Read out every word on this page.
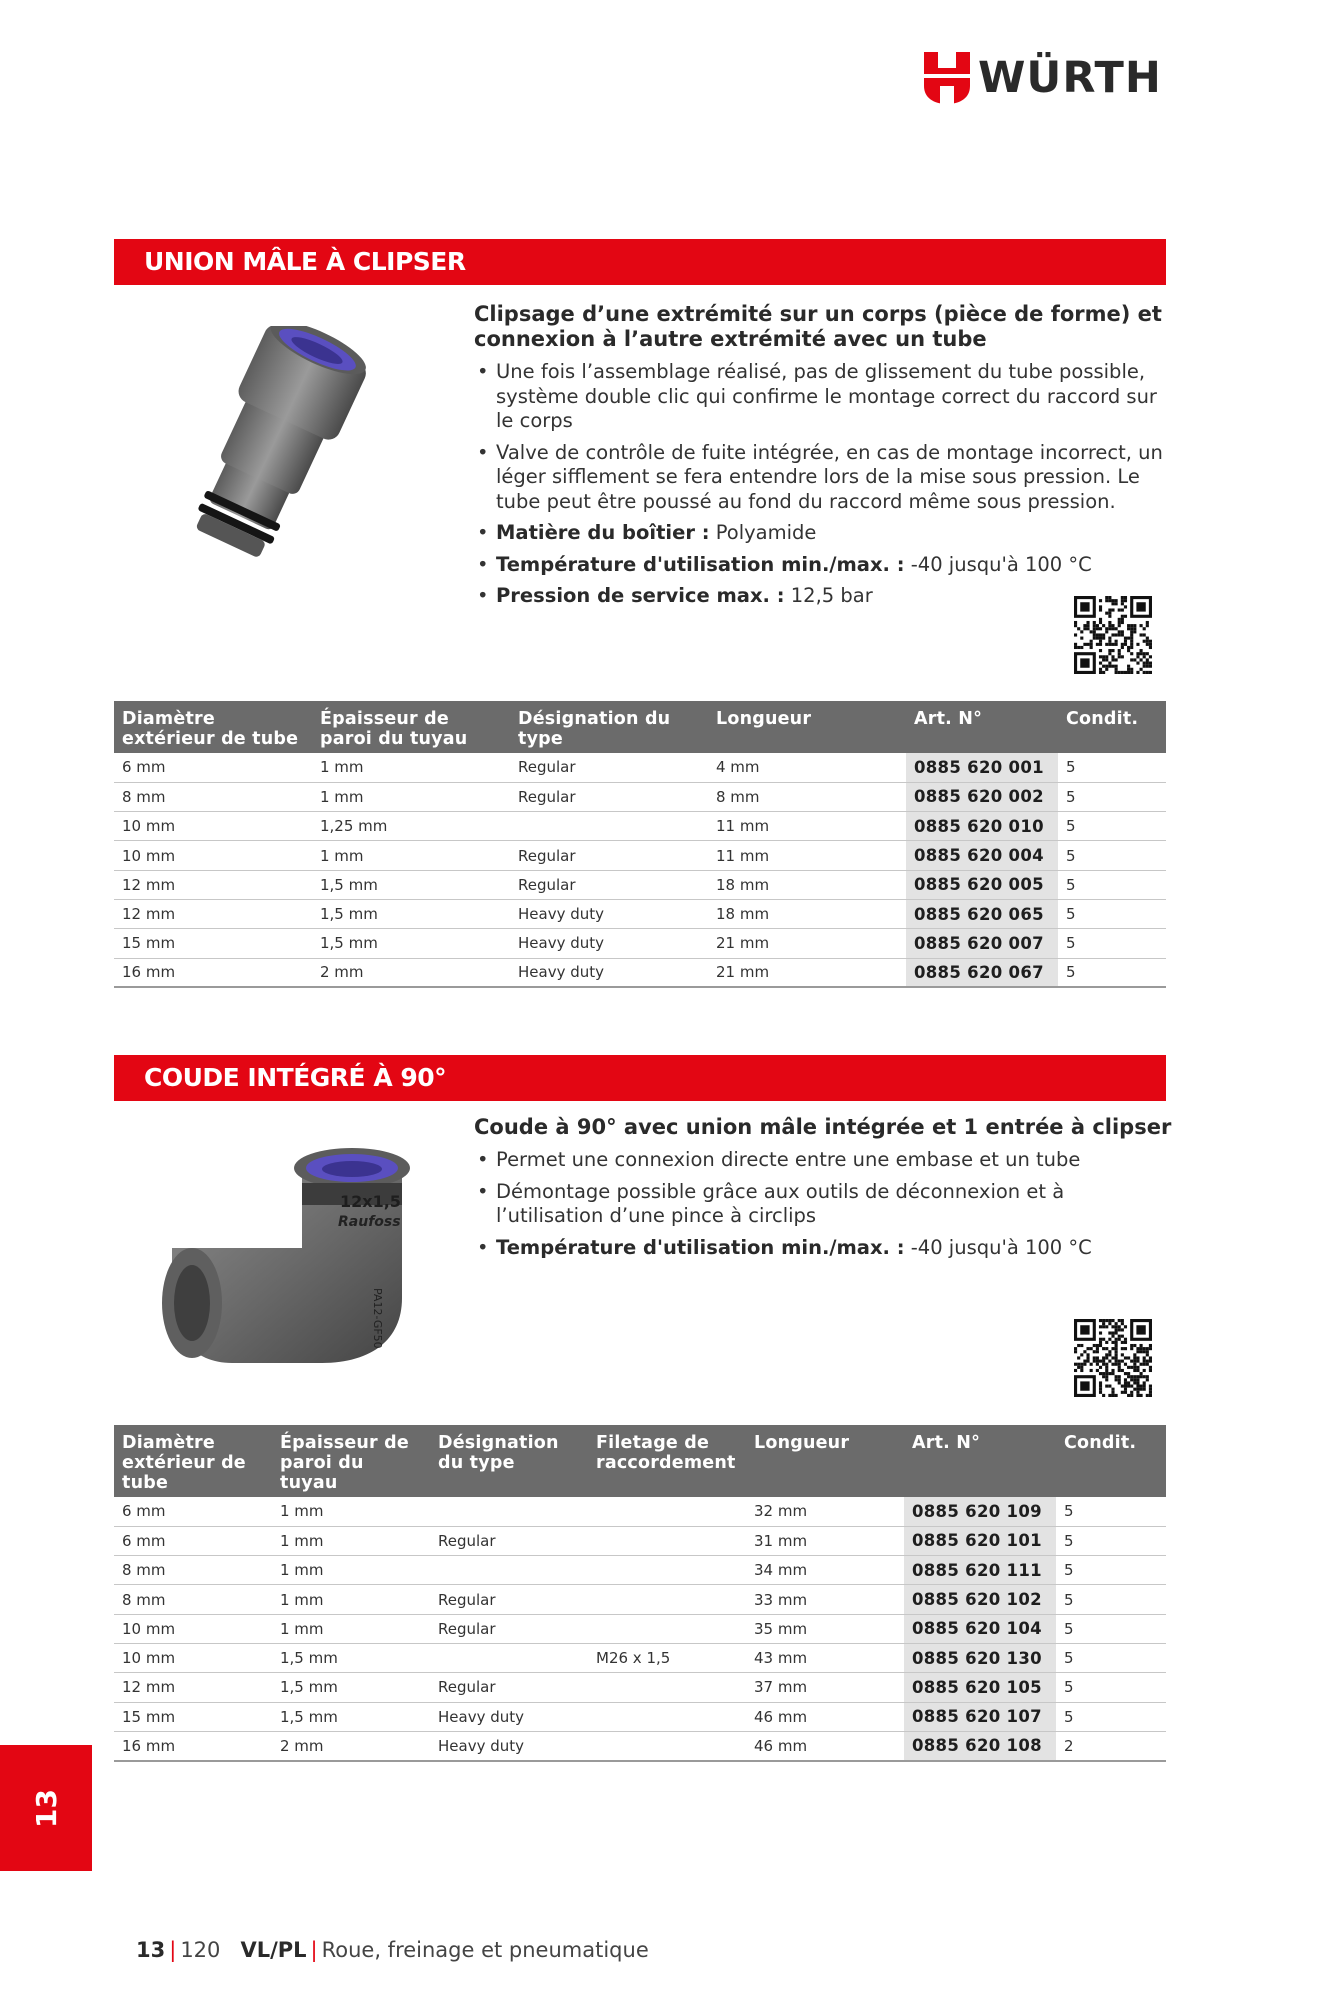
WÜRTH
UNION MÂLE À CLIPSER
Clipsage d’une extrémité sur un corps (pièce de forme) et connexion à l’autre extrémité avec un tube
• Une fois l’assemblage réalisé, pas de glissement du tube possible, système double clic qui confirme le montage correct du raccord sur le corps
• Valve de contrôle de fuite intégrée, en cas de montage incorrect, un léger sifflement se fera entendre lors de la mise sous pression. Le tube peut être poussé au fond du raccord même sous pression.
• Matière du boîtier : Polyamide
• Température d'utilisation min./max. : -40 jusqu'à 100 °C
• Pression de service max. : 12,5 bar
Diamètre extérieur de tube	Épaisseur de paroi du tuyau	Désignation du type	Longueur	Art. N°	Condit.
6 mm	1 mm	Regular	4 mm	0885 620 001	5
8 mm	1 mm	Regular	8 mm	0885 620 002	5
10 mm	1,25 mm		11 mm	0885 620 010	5
10 mm	1 mm	Regular	11 mm	0885 620 004	5
12 mm	1,5 mm	Regular	18 mm	0885 620 005	5
12 mm	1,5 mm	Heavy duty	18 mm	0885 620 065	5
15 mm	1,5 mm	Heavy duty	21 mm	0885 620 007	5
16 mm	2 mm	Heavy duty	21 mm	0885 620 067	5
COUDE INTÉGRÉ À 90°
12x1,5
Raufoss
PA12-GF50
Coude à 90° avec union mâle intégrée et 1 entrée à clipser
• Permet une connexion directe entre une embase et un tube
• Démontage possible grâce aux outils de déconnexion et à l’utilisation d’une pince à circlips
• Température d'utilisation min./max. : -40 jusqu'à 100 °C
Diamètre extérieur de tube	Épaisseur de paroi du tuyau	Désignation du type	Filetage de raccordement	Longueur	Art. N°	Condit.
6 mm	1 mm			32 mm	0885 620 109	5
6 mm	1 mm	Regular		31 mm	0885 620 101	5
8 mm	1 mm			34 mm	0885 620 111	5
8 mm	1 mm	Regular		33 mm	0885 620 102	5
10 mm	1 mm	Regular		35 mm	0885 620 104	5
10 mm	1,5 mm		M26 x 1,5	43 mm	0885 620 130	5
12 mm	1,5 mm	Regular		37 mm	0885 620 105	5
15 mm	1,5 mm	Heavy duty		46 mm	0885 620 107	5
16 mm	2 mm	Heavy duty		46 mm	0885 620 108	2
13
13 | 120 VL/PL | Roue, freinage et pneumatique
